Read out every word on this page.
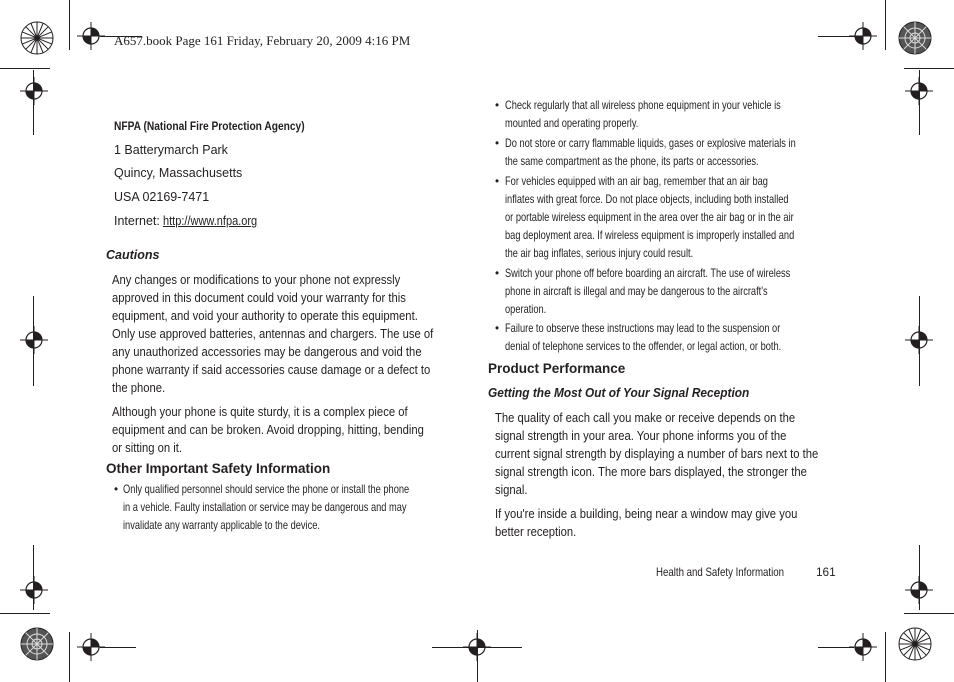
A657.book Page 161 Friday, February 20, 2009 4:16 PM
NFPA (National Fire Protection Agency)
1 Batterymarch Park
Quincy, Massachusetts
USA 02169-7471
Internet: http://www.nfpa.org
Cautions
Any changes or modifications to your phone not expressly
approved in this document could void your warranty for this
equipment, and void your authority to operate this equipment.
Only use approved batteries, antennas and chargers. The use of
any unauthorized accessories may be dangerous and void the
phone warranty if said accessories cause damage or a defect to
the phone.
Although your phone is quite sturdy, it is a complex piece of
equipment and can be broken. Avoid dropping, hitting, bending
or sitting on it.
Other Important Safety Information
• Only qualified personnel should service the phone or install the phone
in a vehicle. Faulty installation or service may be dangerous and may
invalidate any warranty applicable to the device.
• Check regularly that all wireless phone equipment in your vehicle is
mounted and operating properly.
• Do not store or carry flammable liquids, gases or explosive materials in
the same compartment as the phone, its parts or accessories.
• For vehicles equipped with an air bag, remember that an air bag
inflates with great force. Do not place objects, including both installed
or portable wireless equipment in the area over the air bag or in the air
bag deployment area. If wireless equipment is improperly installed and
the air bag inflates, serious injury could result.
• Switch your phone off before boarding an aircraft. The use of wireless
phone in aircraft is illegal and may be dangerous to the aircraft's
operation.
• Failure to observe these instructions may lead to the suspension or
denial of telephone services to the offender, or legal action, or both.
Product Performance
Getting the Most Out of Your Signal Reception
The quality of each call you make or receive depends on the
signal strength in your area. Your phone informs you of the
current signal strength by displaying a number of bars next to the
signal strength icon. The more bars displayed, the stronger the
signal.
If you're inside a building, being near a window may give you
better reception.
Health and Safety Information	161
